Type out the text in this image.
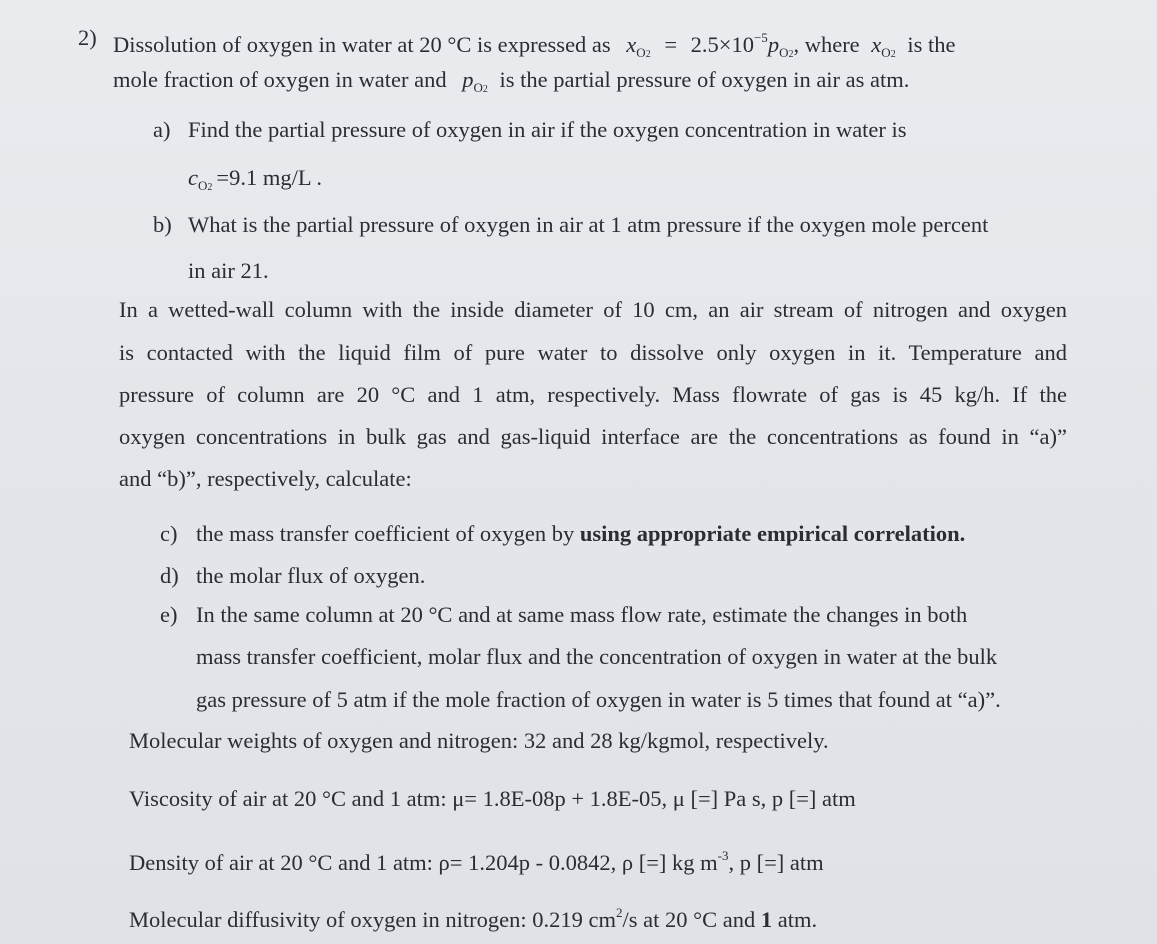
2) Dissolution of oxygen in water at 20 °C is expressed as $x_{O2} = 2.5\times 10^{-5}p_{O2}$, where $x_{O2}$ is the
mole fraction of oxygen in water and $p_{O2}$ is the partial pressure of oxygen in air as atm.
a) Find the partial pressure of oxygen in air if the oxygen concentration in water is
$c_{O2} =9.1$ mg/L .
b) What is the partial pressure of oxygen in air at 1 atm pressure if the oxygen mole percent
in air 21.
In a wetted-wall column with the inside diameter of 10 cm, an air stream of nitrogen and oxygen
is contacted with the liquid film of pure water to dissolve only oxygen in it. Temperature and
pressure of column are 20 °C and 1 atm, respectively. Mass flowrate of gas is 45 kg/h. If the
oxygen concentrations in bulk gas and gas-liquid interface are the concentrations as found in “a)”
and “b)”, respectively, calculate:
c) the mass transfer coefficient of oxygen by using appropriate empirical correlation.
d) the molar flux of oxygen.
e) In the same column at 20 °C and at same mass flow rate, estimate the changes in both
mass transfer coefficient, molar flux and the concentration of oxygen in water at the bulk
gas pressure of 5 atm if the mole fraction of oxygen in water is 5 times that found at “a)”.
Molecular weights of oxygen and nitrogen: 32 and 28 kg/kgmol, respectively.
Viscosity of air at 20 °C and 1 atm: μ= 1.8E-08p + 1.8E-05, μ [=] Pa s, p [=] atm
Density of air at 20 °C and 1 atm: ρ= 1.204p - 0.0842, ρ [=] kg $m^{-3}$, p [=] atm
Molecular diffusivity of oxygen in nitrogen: 0.219 $cm^2/s$ at 20 °C and 1 atm.
